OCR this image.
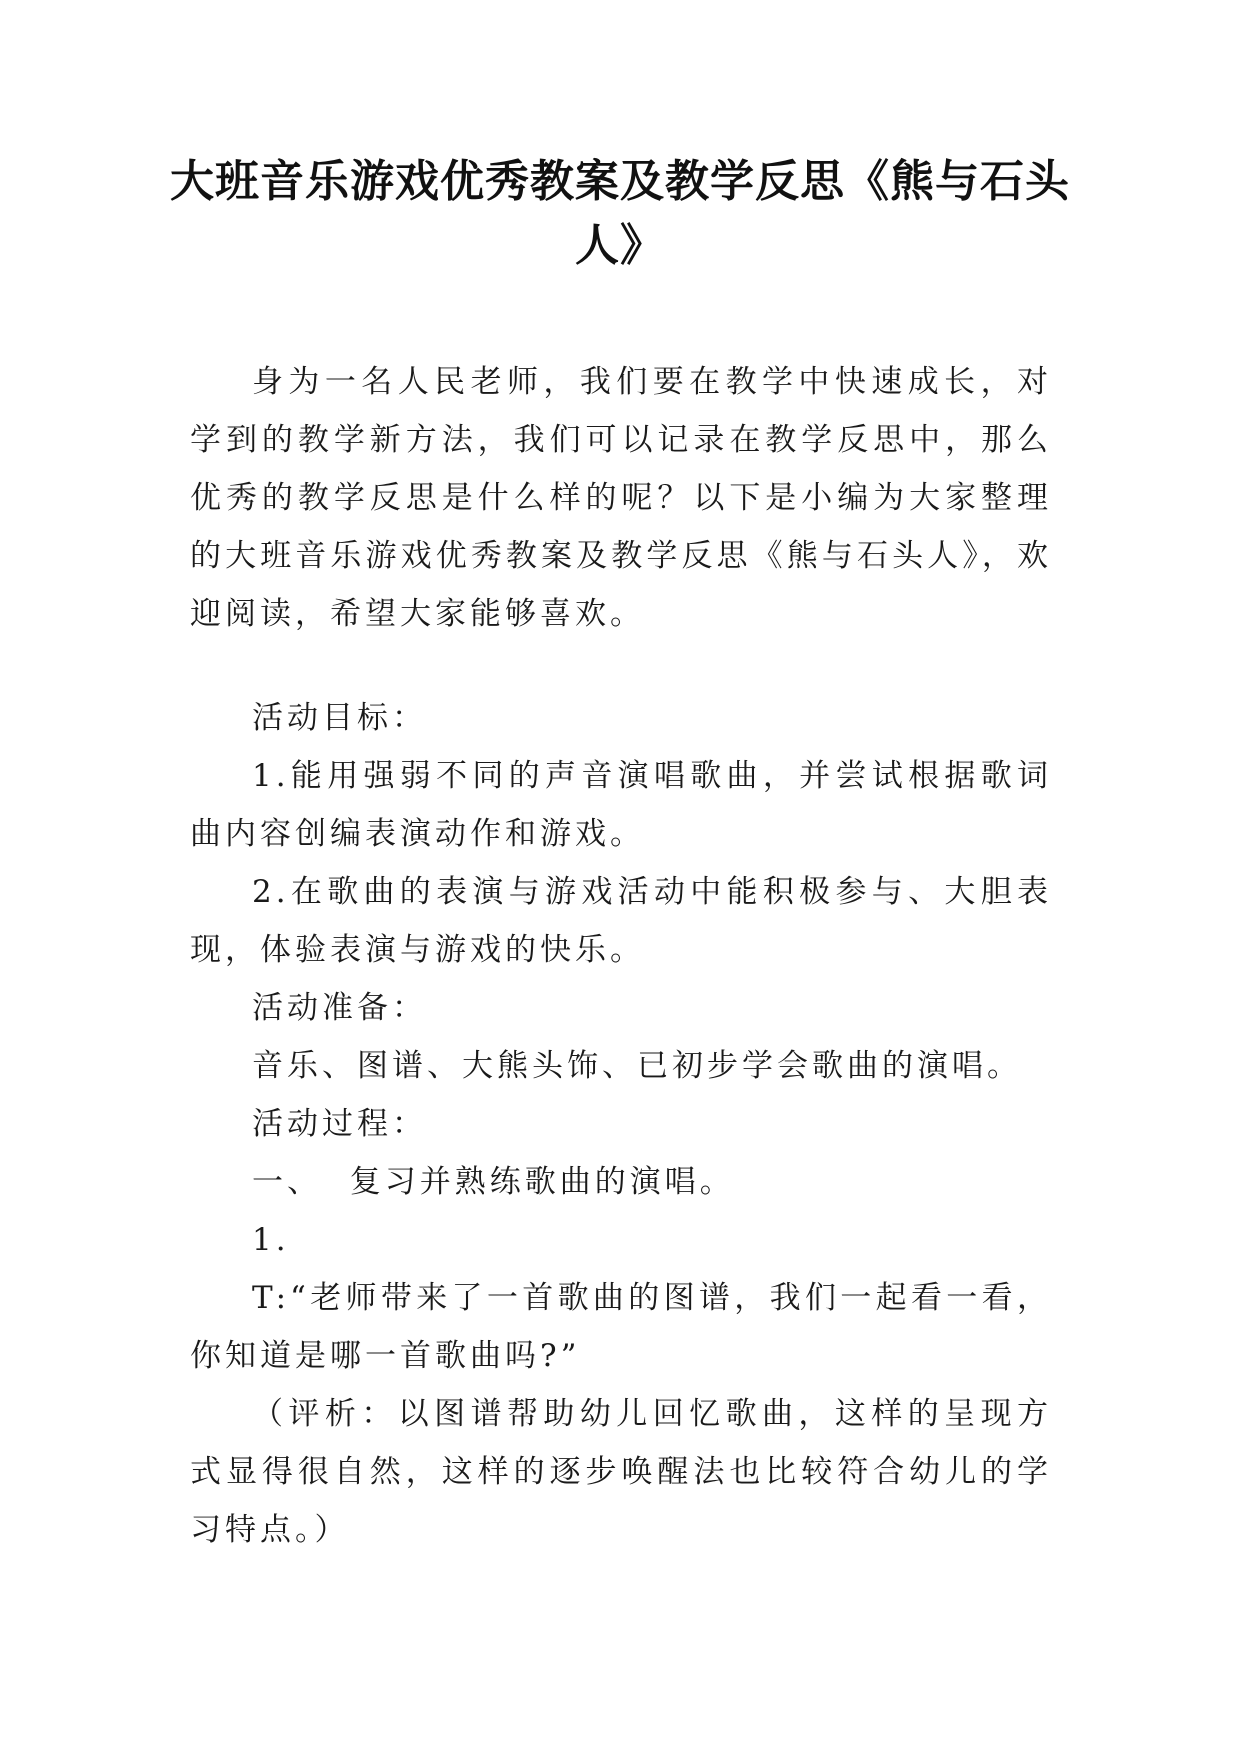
大班音乐游戏优秀教案及教学反思《熊与石头人》

身为一名人民老师，我们要在教学中快速成长，对学到的教学新方法，我们可以记录在教学反思中，那么优秀的教学反思是什么样的呢？以下是小编为大家整理的大班音乐游戏优秀教案及教学反思《熊与石头人》，欢迎阅读，希望大家能够喜欢。

活动目标：

1.能用强弱不同的声音演唱歌曲，并尝试根据歌词曲内容创编表演动作和游戏。

2.在歌曲的表演与游戏活动中能积极参与、大胆表现，体验表演与游戏的快乐。

活动准备：

音乐、图谱、大熊头饰、已初步学会歌曲的演唱。

活动过程：

一、  复习并熟练歌曲的演唱。

1.

T:“老师带来了一首歌曲的图谱，我们一起看一看，你知道是哪一首歌曲吗?”

（评析：以图谱帮助幼儿回忆歌曲，这样的呈现方式显得很自然，这样的逐步唤醒法也比较符合幼儿的学习特点。）
